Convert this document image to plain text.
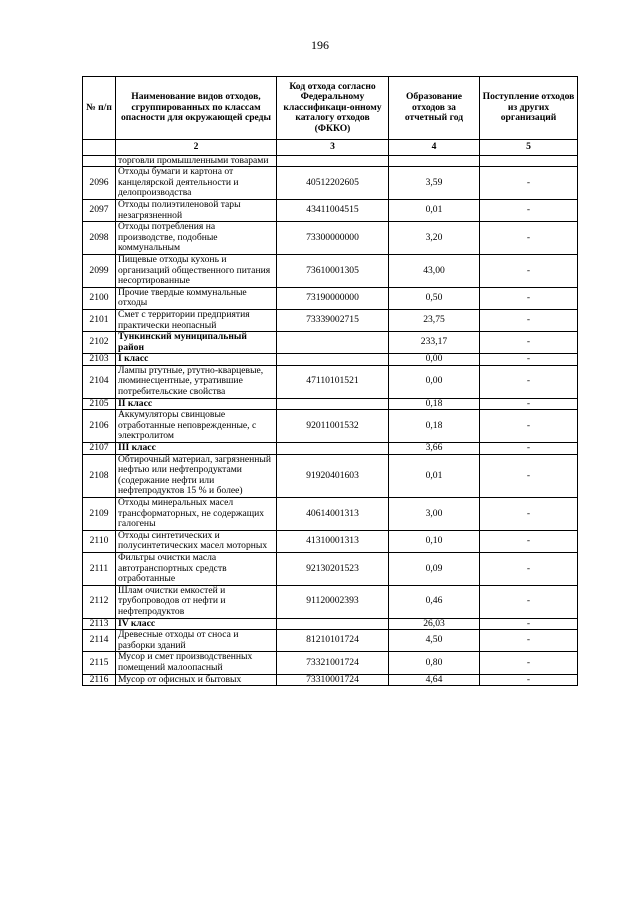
196
№ п/п	Наименование видов отходов, сгруппированных по классам опасности для окружающей среды	Код отхода согласно Федеральному классификаци-онному каталогу отходов (ФККО)	Образование отходов за отчетный год	Поступление отходов из других организаций
	2	3	4	5
	торговли промышленными товарами			
2096	Отходы бумаги и картона от канцелярской деятельности и делопроизводства	40512202605	3,59	-
2097	Отходы полиэтиленовой тары незагрязненной	43411004515	0,01	-
2098	Отходы потребления на производстве, подобные коммунальным	73300000000	3,20	-
2099	Пищевые отходы кухонь и организаций общественного питания несортированные	73610001305	43,00	-
2100	Прочие твердые коммунальные отходы	73190000000	0,50	-
2101	Смет с территории предприятия практически неопасный	73339002715	23,75	-
2102	Тункинский муниципальный район		233,17	-
2103	I класс		0,00	-
2104	Лампы ртутные, ртутно-кварцевые, люминесцентные, утратившие потребительские свойства	47110101521	0,00	-
2105	II класс		0,18	-
2106	Аккумуляторы свинцовые отработанные неповрежденные, с электролитом	92011001532	0,18	-
2107	III класс		3,66	-
2108	Обтирочный материал, загрязненный нефтью или нефтепродуктами (содержание нефти или нефтепродуктов 15 % и более)	91920401603	0,01	-
2109	Отходы минеральных масел трансформаторных, не содержащих галогены	40614001313	3,00	-
2110	Отходы синтетических и полусинтетических масел моторных	41310001313	0,10	-
2111	Фильтры очистки масла автотранспортных средств отработанные	92130201523	0,09	-
2112	Шлам очистки емкостей и трубопроводов от нефти и нефтепродуктов	91120002393	0,46	-
2113	IV класс		26,03	-
2114	Древесные отходы от сноса и разборки зданий	81210101724	4,50	-
2115	Мусор и смет производственных помещений малоопасный	73321001724	0,80	-
2116	Мусор от офисных и бытовых	73310001724	4,64	-
